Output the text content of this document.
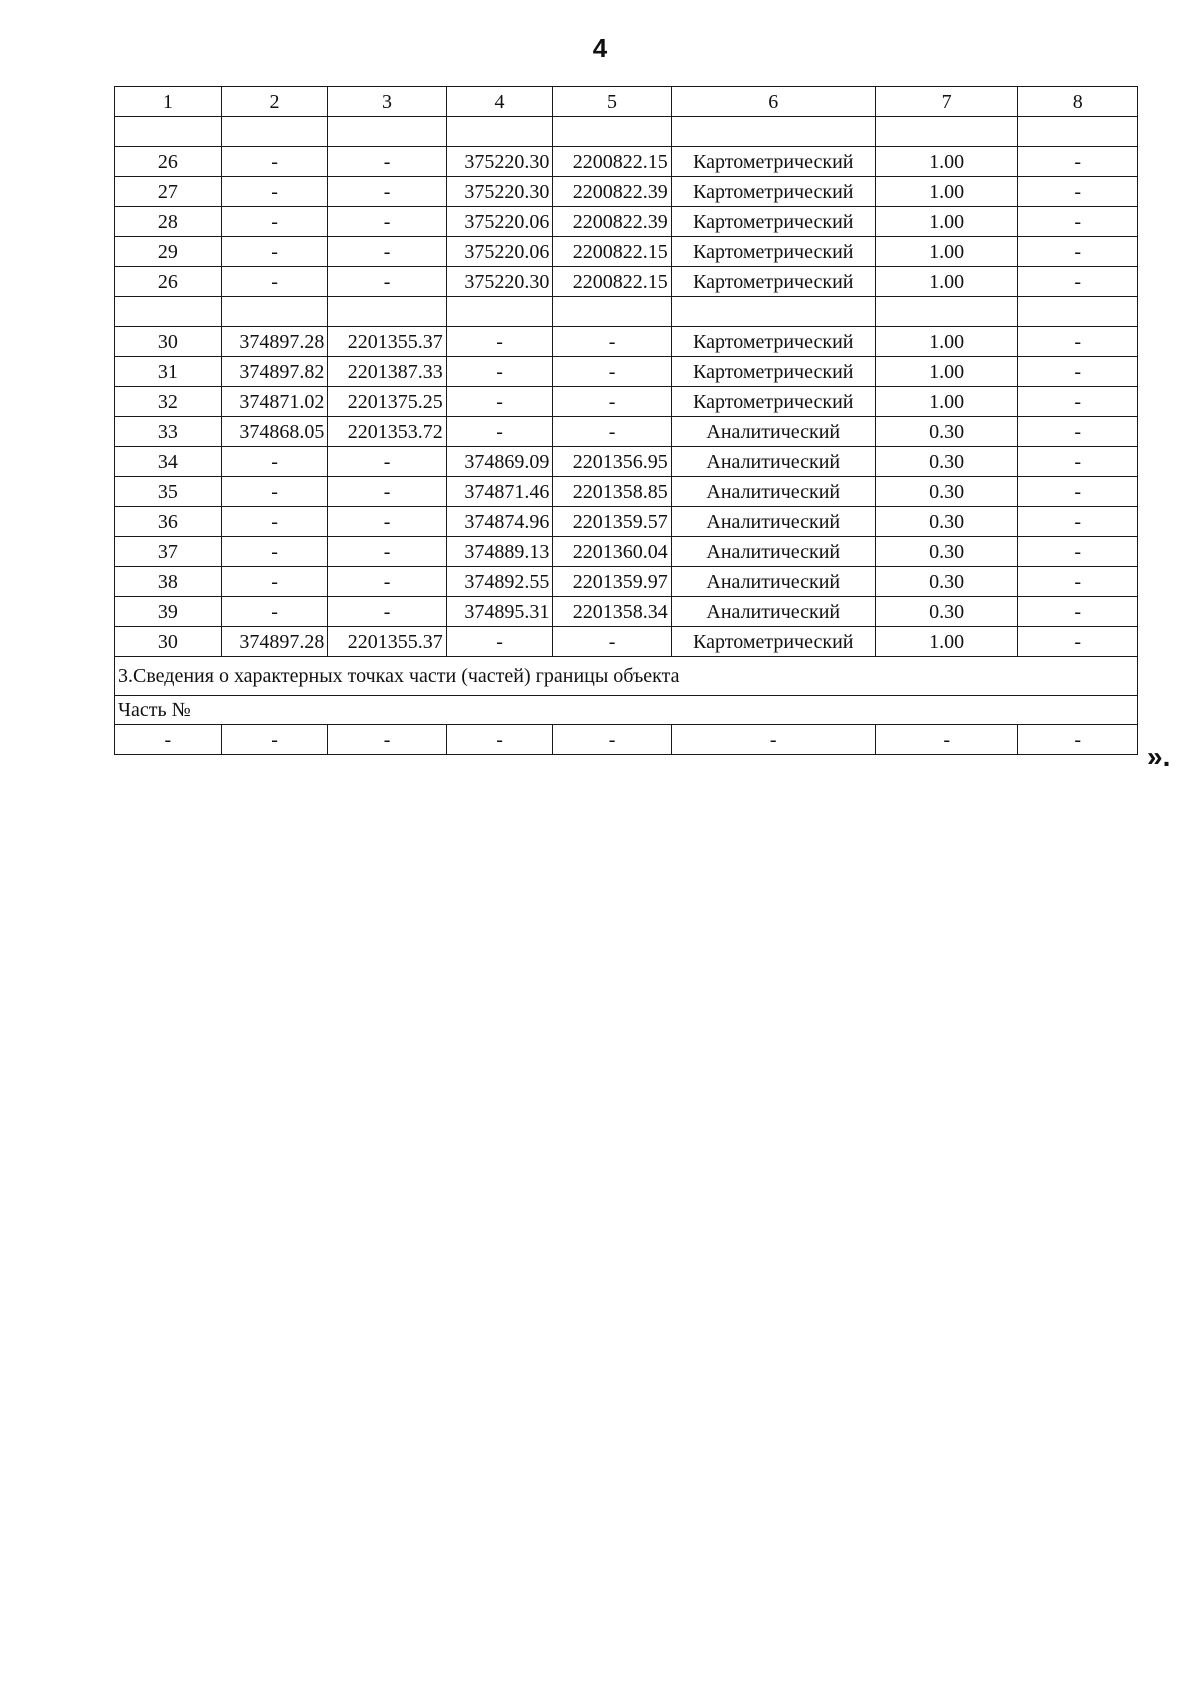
4
1	2	3	4	5	6	7	8

26	-	-	375220.30	2200822.15	Картометрический	1.00	-
27	-	-	375220.30	2200822.39	Картометрический	1.00	-
28	-	-	375220.06	2200822.39	Картометрический	1.00	-
29	-	-	375220.06	2200822.15	Картометрический	1.00	-
26	-	-	375220.30	2200822.15	Картометрический	1.00	-

30	374897.28	2201355.37	-	-	Картометрический	1.00	-
31	374897.82	2201387.33	-	-	Картометрический	1.00	-
32	374871.02	2201375.25	-	-	Картометрический	1.00	-
33	374868.05	2201353.72	-	-	Аналитический	0.30	-
34	-	-	374869.09	2201356.95	Аналитический	0.30	-
35	-	-	374871.46	2201358.85	Аналитический	0.30	-
36	-	-	374874.96	2201359.57	Аналитический	0.30	-
37	-	-	374889.13	2201360.04	Аналитический	0.30	-
38	-	-	374892.55	2201359.97	Аналитический	0.30	-
39	-	-	374895.31	2201358.34	Аналитический	0.30	-
30	374897.28	2201355.37	-	-	Картометрический	1.00	-
3.Сведения о характерных точках части (частей) границы объекта							
Часть №							
-	-	-	-	-	-	-	-
».
